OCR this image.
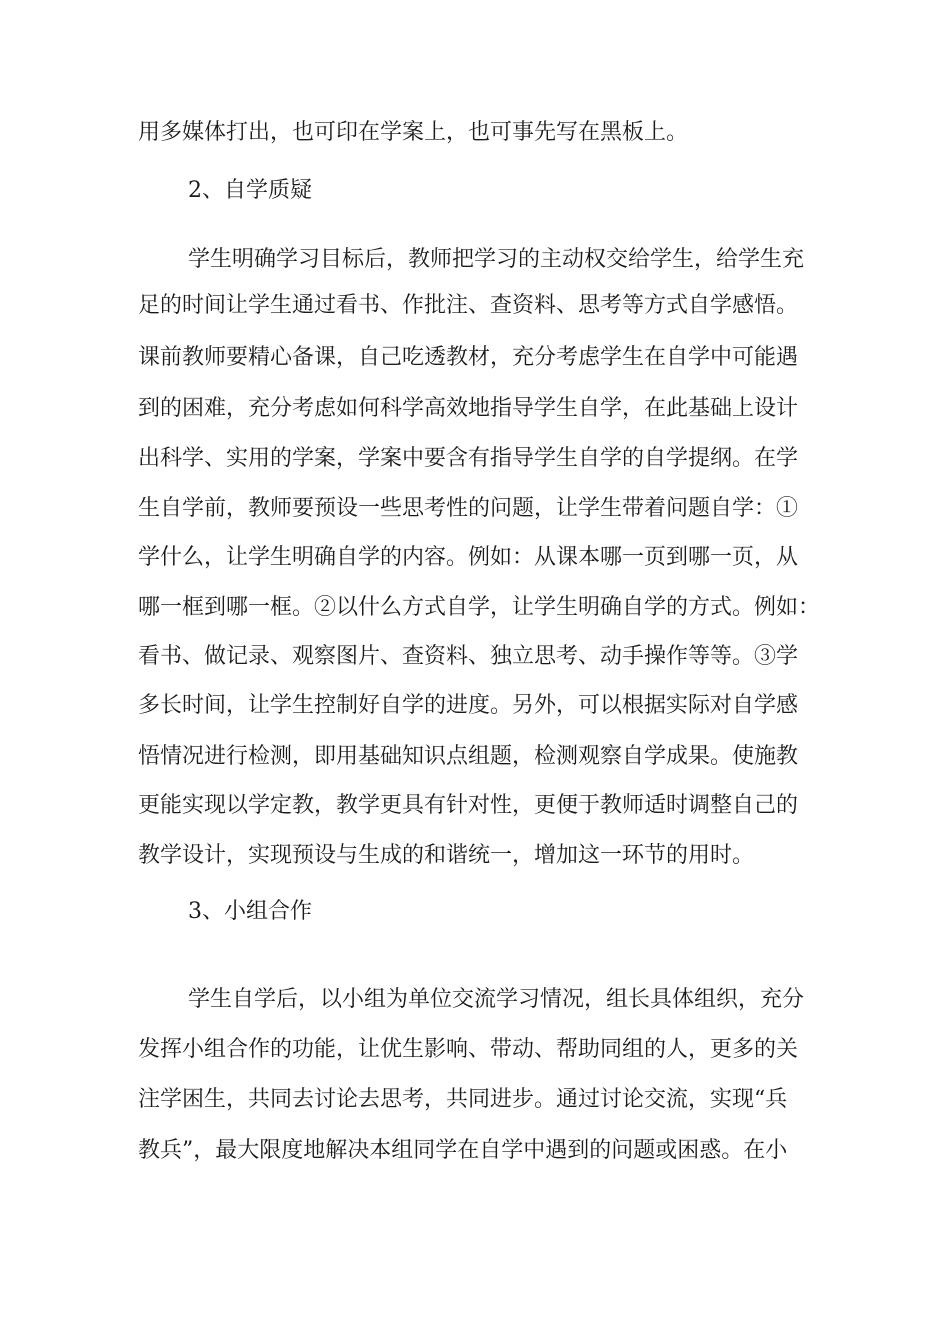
用多媒体打出，也可印在学案上，也可事先写在黑板上。

2、自学质疑

学生明确学习目标后，教师把学习的主动权交给学生，给学生充

足的时间让学生通过看书、作批注、查资料、思考等方式自学感悟。

课前教师要精心备课，自己吃透教材，充分考虑学生在自学中可能遇

到的困难，充分考虑如何科学高效地指导学生自学，在此基础上设计

出科学、实用的学案，学案中要含有指导学生自学的自学提纲。在学

生自学前，教师要预设一些思考性的问题，让学生带着问题自学：①

学什么，让学生明确自学的内容。例如：从课本哪一页到哪一页，从

哪一框到哪一框。②以什么方式自学，让学生明确自学的方式。例如：

看书、做记录、观察图片、查资料、独立思考、动手操作等等。③学

多长时间，让学生控制好自学的进度。另外，可以根据实际对自学感

悟情况进行检测，即用基础知识点组题，检测观察自学成果。使施教

更能实现以学定教，教学更具有针对性，更便于教师适时调整自己的

教学设计，实现预设与生成的和谐统一，增加这一环节的用时。

3、小组合作

学生自学后，以小组为单位交流学习情况，组长具体组织，充分

发挥小组合作的功能，让优生影响、带动、帮助同组的人，更多的关

注学困生，共同去讨论去思考，共同进步。通过讨论交流，实现“兵

教兵”，最大限度地解决本组同学在自学中遇到的问题或困惑。在小
